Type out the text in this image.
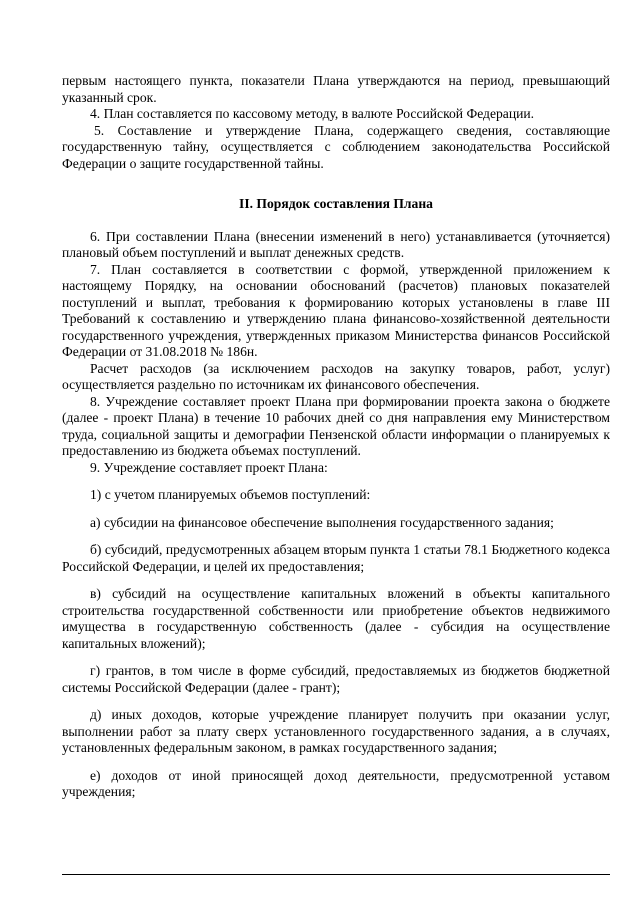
первым настоящего пункта, показатели Плана утверждаются на период, превышающий указанный срок.

4. План составляется по кассовому методу, в валюте Российской Федерации.

5. Составление и утверждение Плана, содержащего сведения, составляющие государственную тайну, осуществляется с соблюдением законодательства Российской Федерации о защите государственной тайны.

II. Порядок составления Плана

6. При составлении Плана (внесении изменений в него) устанавливается (уточняется) плановый объем поступлений и выплат денежных средств.

7. План составляется в соответствии с формой, утвержденной приложением к настоящему Порядку, на основании обоснований (расчетов) плановых показателей поступлений и выплат, требования к формированию которых установлены в главе III Требований к составлению и утверждению плана финансово-хозяйственной деятельности государственного учреждения, утвержденных приказом Министерства финансов Российской Федерации от 31.08.2018 № 186н.

Расчет расходов (за исключением расходов на закупку товаров, работ, услуг) осуществляется раздельно по источникам их финансового обеспечения.

8. Учреждение составляет проект Плана при формировании проекта закона о бюджете (далее - проект Плана) в течение 10 рабочих дней со дня направления ему Министерством труда, социальной защиты и демографии Пензенской области информации о планируемых к предоставлению из бюджета объемах поступлений.

9. Учреждение составляет проект Плана:

1) с учетом планируемых объемов поступлений:

а) субсидии на финансовое обеспечение выполнения государственного задания;

б) субсидий, предусмотренных абзацем вторым пункта 1 статьи 78.1 Бюджетного кодекса Российской Федерации, и целей их предоставления;

в) субсидий на осуществление капитальных вложений в объекты капитального строительства государственной собственности или приобретение объектов недвижимого имущества в государственную собственность (далее - субсидия на осуществление капитальных вложений);

г) грантов, в том числе в форме субсидий, предоставляемых из бюджетов бюджетной системы Российской Федерации (далее - грант);

д) иных доходов, которые учреждение планирует получить при оказании услуг, выполнении работ за плату сверх установленного государственного задания, а в случаях, установленных федеральным законом, в рамках государственного задания;

е) доходов от иной приносящей доход деятельности, предусмотренной уставом учреждения;
